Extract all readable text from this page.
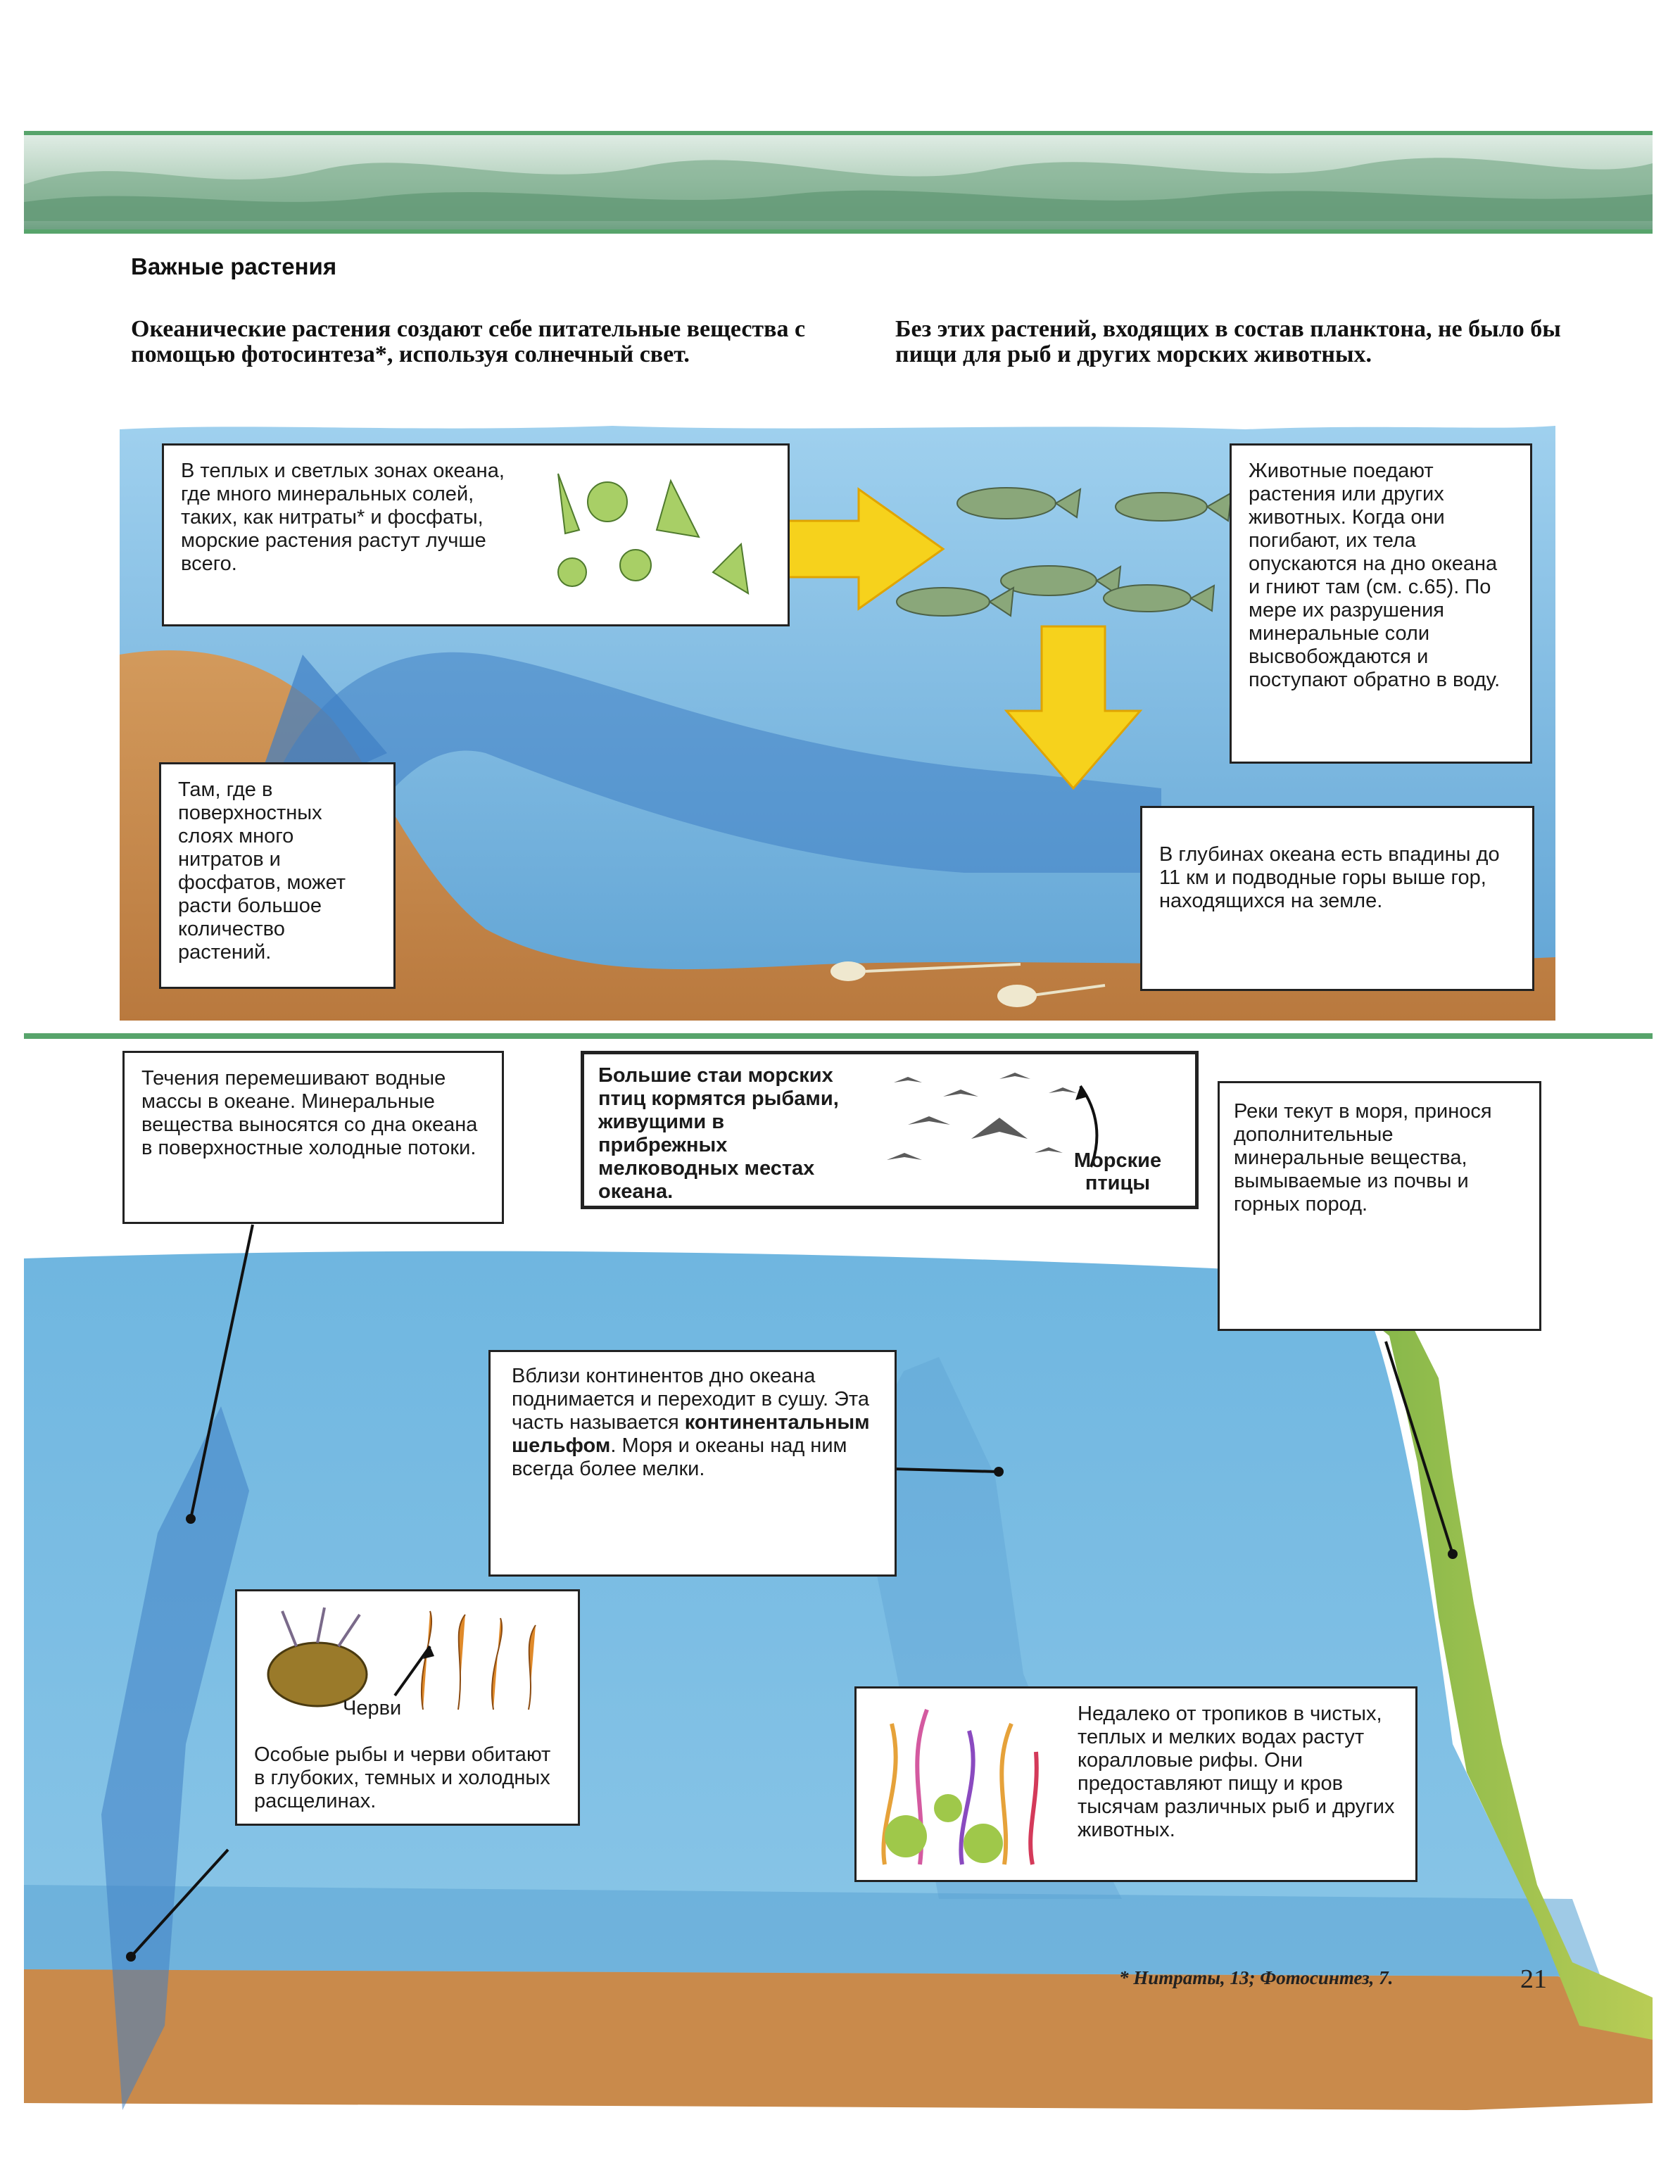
Важные растения
Океанические растения создают себе питательные вещества с помощью фотосинтеза*, используя солнечный свет.
Без этих растений, входящих в состав планктона, не было бы пищи для рыб и других морских животных.

В теплых и светлых зонах океана, где много минеральных солей, таких, как нитраты* и фосфаты, морские растения растут лучше всего.

Животные поедают растения или других животных. Когда они погибают, их тела опускаются на дно океана и гниют там (см. с.65). По мере их разрушения минеральные соли высвобождаются и поступают обратно в воду.

Там, где в поверхностных слоях много нитратов и фосфатов, может расти большое количество растений.

В глубинах океана есть впадины до 11 км и подводные горы выше гор, находящихся на земле.

Течения перемешивают водные массы в океане. Минеральные вещества выносятся со дна океана в поверхностные холодные потоки.

Большие стаи морских птиц кормятся рыбами, живущими в прибрежных мелководных местах океана.

Морские птицы

Реки текут в моря, принося дополнительные минеральные вещества, вымываемые из почвы и горных пород.

Вблизи континентов дно океана поднимается и переходит в сушу. Эта часть называется континентальным шельфом. Моря и океаны над ним всегда более мелки.

Черви

Особые рыбы и черви обитают в глубоких, темных и холодных расщелинах.

Недалеко от тропиков в чистых, теплых и мелких водах растут коралловые рифы. Они предоставляют пищу и кров тысячам различных рыб и других животных.

* Нитраты, 13; Фотосинтез, 7.	21
